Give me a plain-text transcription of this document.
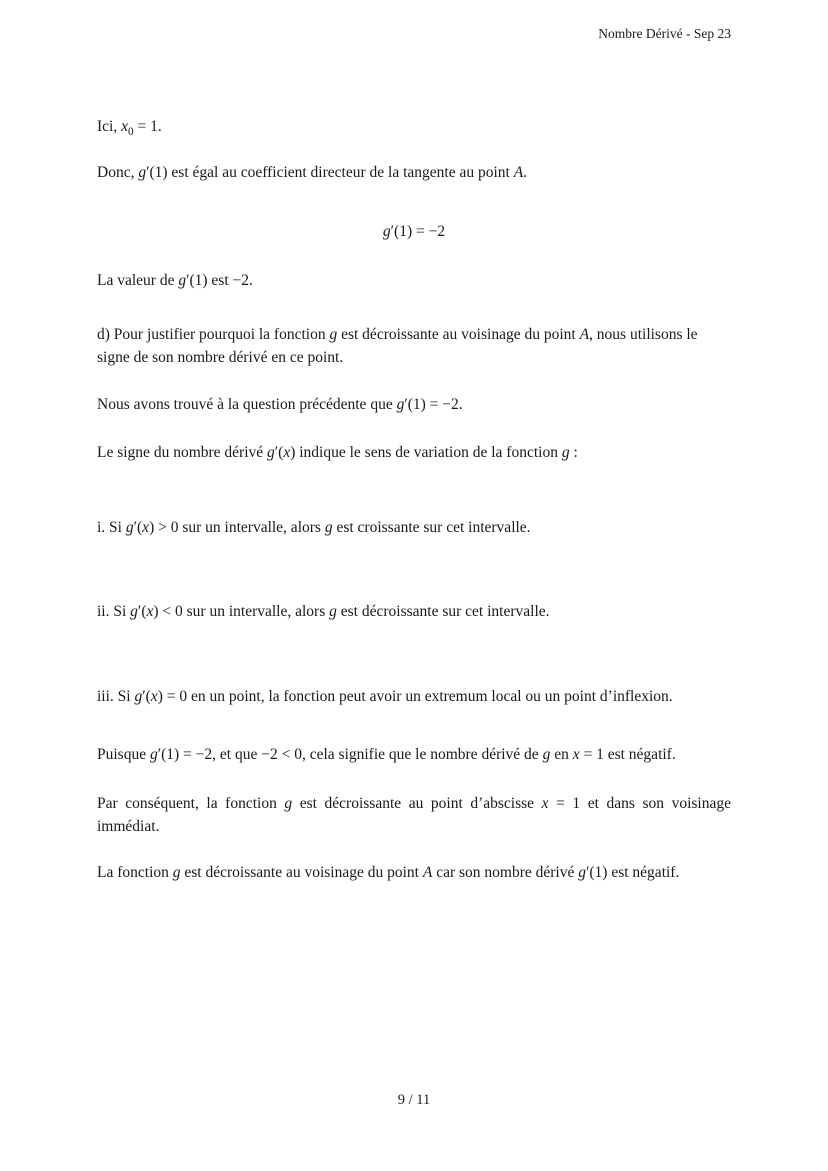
Nombre Dérivé - Sep 23

Ici, $x_0 = 1$.

Donc, g′(1) est égal au coefficient directeur de la tangente au point A.

g′(1) = −2

La valeur de g′(1) est −2.

d) Pour justifier pourquoi la fonction g est décroissante au voisinage du point A, nous utilisons le signe de son nombre dérivé en ce point.

Nous avons trouvé à la question précédente que g′(1) = −2.

Le signe du nombre dérivé g′(x) indique le sens de variation de la fonction g :

i. Si g′(x) > 0 sur un intervalle, alors g est croissante sur cet intervalle.

ii. Si g′(x) < 0 sur un intervalle, alors g est décroissante sur cet intervalle.

iii. Si g′(x) = 0 en un point, la fonction peut avoir un extremum local ou un point d’inflexion.

Puisque g′(1) = −2, et que −2 < 0, cela signifie que le nombre dérivé de g en x = 1 est négatif.

Par conséquent, la fonction g est décroissante au point d’abscisse x = 1 et dans son voisinage immédiat.

La fonction g est décroissante au voisinage du point A car son nombre dérivé g′(1) est négatif.

9 / 11
